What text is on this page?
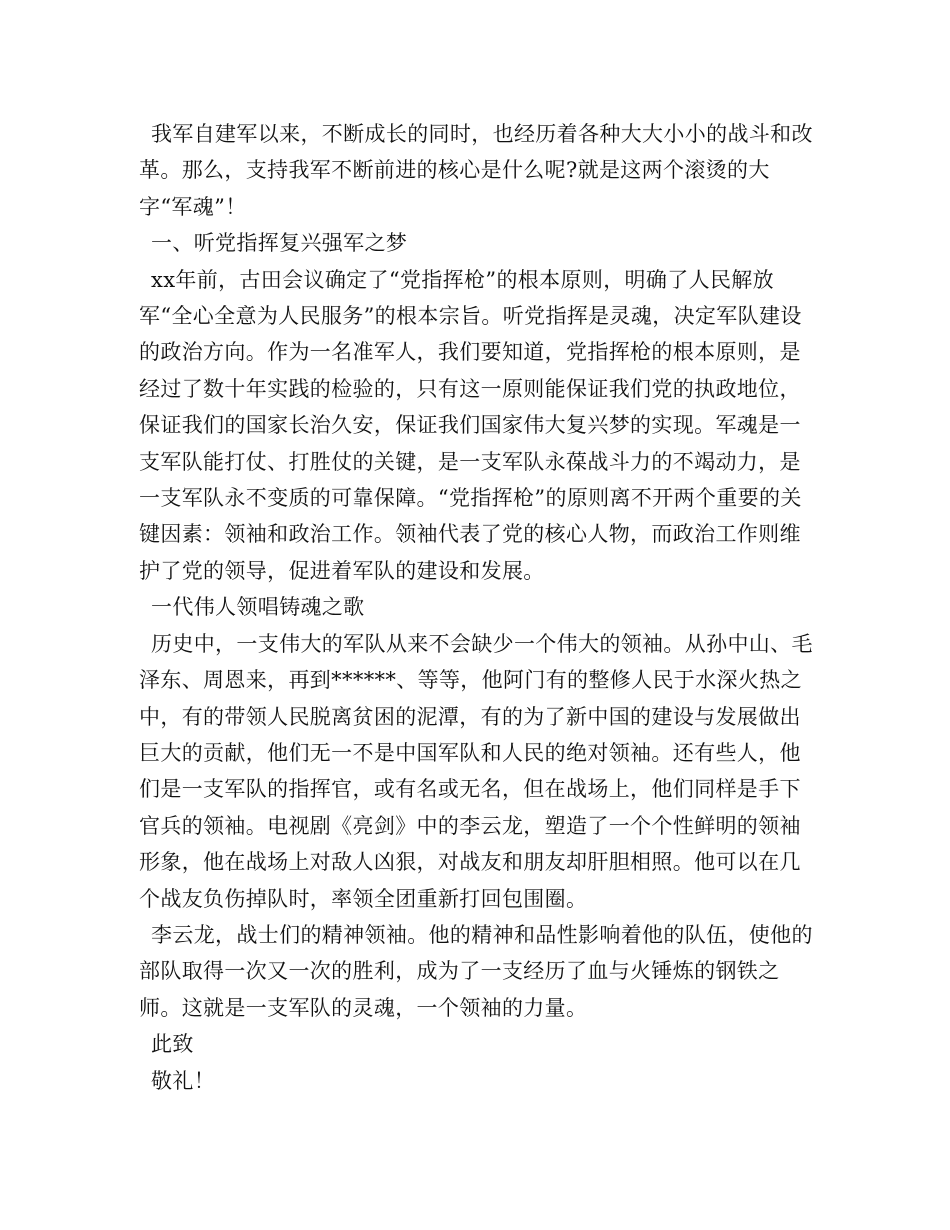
我军自建军以来，不断成长的同时，也经历着各种大大小小的战斗和改革。那么，支持我军不断前进的核心是什么呢?就是这两个滚烫的大字“军魂”！

一、听党指挥复兴强军之梦

xx年前，古田会议确定了“党指挥枪”的根本原则，明确了人民解放军“全心全意为人民服务”的根本宗旨。听党指挥是灵魂，决定军队建设的政治方向。作为一名准军人，我们要知道，党指挥枪的根本原则，是经过了数十年实践的检验的，只有这一原则能保证我们党的执政地位，保证我们的国家长治久安，保证我们国家伟大复兴梦的实现。军魂是一支军队能打仗、打胜仗的关键，是一支军队永葆战斗力的不竭动力，是一支军队永不变质的可靠保障。“党指挥枪”的原则离不开两个重要的关键因素：领袖和政治工作。领袖代表了党的核心人物，而政治工作则维护了党的领导，促进着军队的建设和发展。

一代伟人领唱铸魂之歌

历史中，一支伟大的军队从来不会缺少一个伟大的领袖。从孙中山、毛泽东、周恩来，再到******、等等，他阿门有的整修人民于水深火热之中，有的带领人民脱离贫困的泥潭，有的为了新中国的建设与发展做出巨大的贡献，他们无一不是中国军队和人民的绝对领袖。还有些人，他们是一支军队的指挥官，或有名或无名，但在战场上，他们同样是手下官兵的领袖。电视剧《亮剑》中的李云龙，塑造了一个个性鲜明的领袖形象，他在战场上对敌人凶狠，对战友和朋友却肝胆相照。他可以在几个战友负伤掉队时，率领全团重新打回包围圈。

李云龙，战士们的精神领袖。他的精神和品性影响着他的队伍，使他的部队取得一次又一次的胜利，成为了一支经历了血与火锤炼的钢铁之师。这就是一支军队的灵魂，一个领袖的力量。

此致

敬礼！
